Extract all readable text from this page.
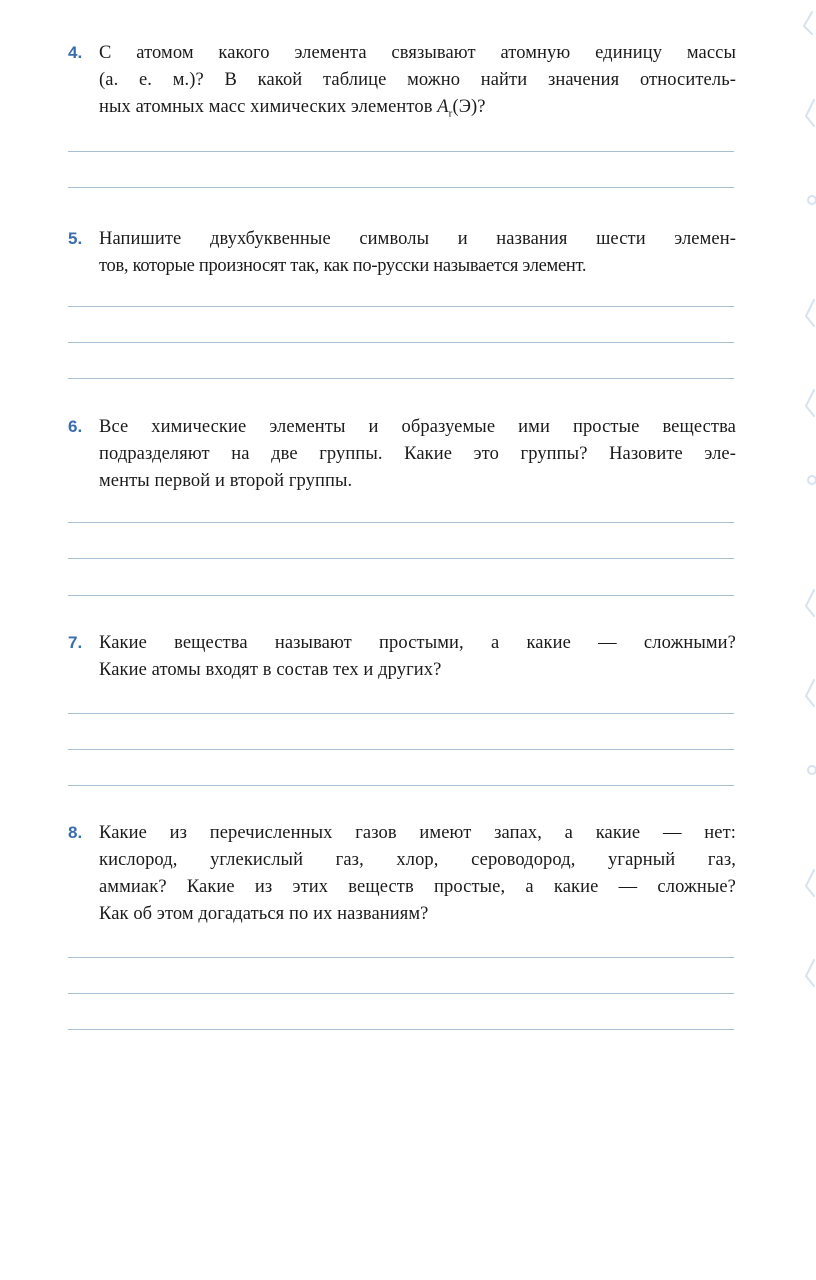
4. С атомом какого элемента связывают атомную единицу массы
(а. е. м.)? В какой таблице можно найти значения относитель-
ных атомных масс химических элементов $A_r(Э)$?
5. Напишите двухбуквенные символы и названия шести элемен-
тов, которые произносят так, как по-русски называется элемент.
6. Все химические элементы и образуемые ими простые вещества
подразделяют на две группы. Какие это группы? Назовите эле-
менты первой и второй группы.
7. Какие вещества называют простыми, а какие — сложными?
Какие атомы входят в состав тех и других?
8. Какие из перечисленных газов имеют запах, а какие — нет:
кислород, углекислый газ, хлор, сероводород, угарный газ,
аммиак? Какие из этих веществ простые, а какие — сложные?
Как об этом догадаться по их названиям?
